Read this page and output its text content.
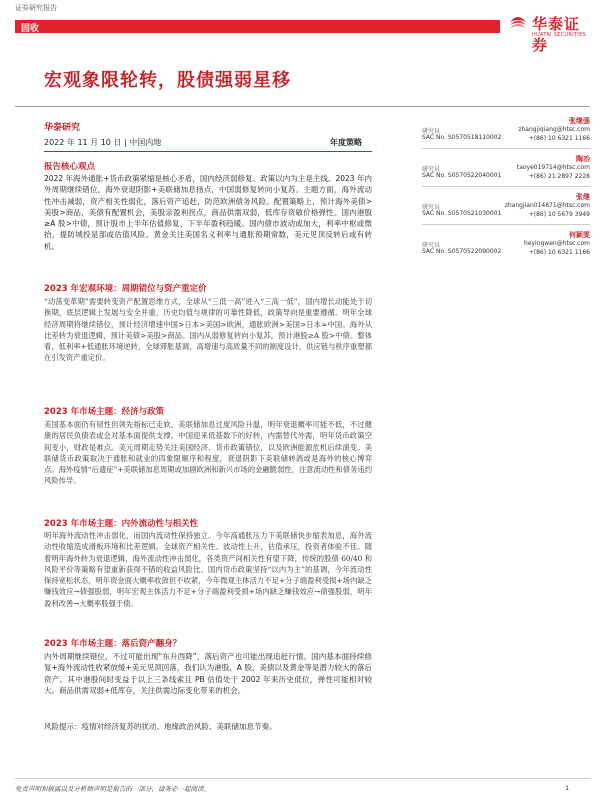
证券研究报告
固收	华泰证券
HUATAI SECURITIES
宏观象限轮转，股债强弱星移
华泰研究
2022 年 11 月 10 日 | 中国内地	年度策略
报告核心观点
2022 年海外通胀+货币政策紧缩是核心矛盾，国内经济弱修复、政策以内为主是主线。2023 年内外周期继续错位，海外衰退阴影+美联储加息扬点，中国弱修复转向小复苏。主题方面，海外流动性冲击减弱，资产相关性弱化，落后资产追赶，防范欧洲债务风险。配置策略上，预计海外美债>美股>商品，美债有配置机会，美股亲盈利拐点，商品供需双弱，低库存资敏价格弹性。国内港股≥A 股>中债，预计股市上半年估值修复，下半年盈利趋暖。国内债市波动或加大，利率中枢或微抬，提防城投是部或估值风险。黄金关注美国名义利率与通胀预期常数，美元见顶反转后或有转机。
2023 年宏观环境：周期错位与资产重定价
“动荡变革期”需要转变资产配置思维方式，全球从“三低一高”进入“三高一低”，国内增长动能处于切换期，底层逻辑上发展与安全并重，历史均值与规律的可靠性降低，政策导向是重要遵循。明年全球经济周期将继续错位，预计经济增速中国>日本>美国>欧洲，通胀欧洲>美国>日本≈中国。海外从比差转为衰退逻辑，预计美债>美股>商品。国内从弱修复转向小复苏，预计港股≥A 股>中债。整体看，低利率+低通胀环境逆转，全球滞胀基调，高增速与高质量不同的制度设计、供应链与秩序重塑都在引发资产重定价。
2023 年市场主题：经济与政策
美国基本面仍有韧性但领先指标已走软，美联储加息过度风险升温，明年衰退概率可能不低，不过健康的居民负债表或会对基本面提供支撑。中国迎来低基数下的好转，内需替代外需，明年货币政策空间变小，财政是难点。美元周期走势关注美国经济、货币政策错位，以及欧洲能源危机后续演变。美联储货币政策取决于通胀和就业的四象限顺序和程度，衰退阴影下美联储转鸽或是海外的核心博弈点。海外疫情“后遗症”+美联储加息周期或加剧欧洲和新兴市场的金融脆弱性，注意流动性和债务违约风险传导。
2023 年市场主题：内外流动性与相关性
明年海外流动性冲击弱化，而国内流动性保持独立。今年高通胀压力下美联储快步缩表加息，海外流动性收缩造成滑板环境和比差逻辑，全球资产相关性、波动性上升，估值承压，投资者体验不佳。随着明年海外转为衰退逻辑，海外流动性冲击弱化，各类资产间相关性有望下降，传统的股债 60/40 和风险平价等策略有望重新获得不错的收益风险比。国内货币政策坚持“以内为主”的基调，今年流动性保持宽松状态，明年资金面大概率收敛但不收紧，今年微观主体活力不足+分子端盈利受损+场内缺乏赚钱效应→债强股弱，明年宏观主体活力不足+分子端盈利受损+场内缺乏赚钱效应→债强股弱，明年盈利改善→大概率股强于债。
2023 年市场主题：落后资产翻身？
内外周期继续错位，不过可能出现“东升西降”，落后资产也可能出现追赶行情。国内基本面持续修复+海外流动性收紧放缓+美元见顶回落，我们认为港股、A 股、美债以及黄金等是潜力较大的落后资产。其中港股间时变益于以上三条线索且 PB 估值处于 2002 年来历史低位，弹性可能相对较大。商品供需双弱+低库存，关注供需边际变化带来的机会。
风险提示：疫情对经济复苏的扰动、地缘政治风险、美联储加息节奏。
张继强
研究员	zhangjiqiang@htsc.com
SAC No. S0570518110002	+(86) 10 6321 1166
陶冶
研究员	taoye019714@htsc.com
SAC No. S0570522040001	+(86) 21 2897 2228
张继
研究员	zhangjian014871@htsc.com
SAC No. S0570521030001	+(86) 10 5679 3949
何颖雯
研究员	heyingwen@htsc.com
SAC No. S0570522090002	+(86) 10 6321 1166
免责声明和披露以及分析师声明是报告的一部分，请务必一起阅读。	1
